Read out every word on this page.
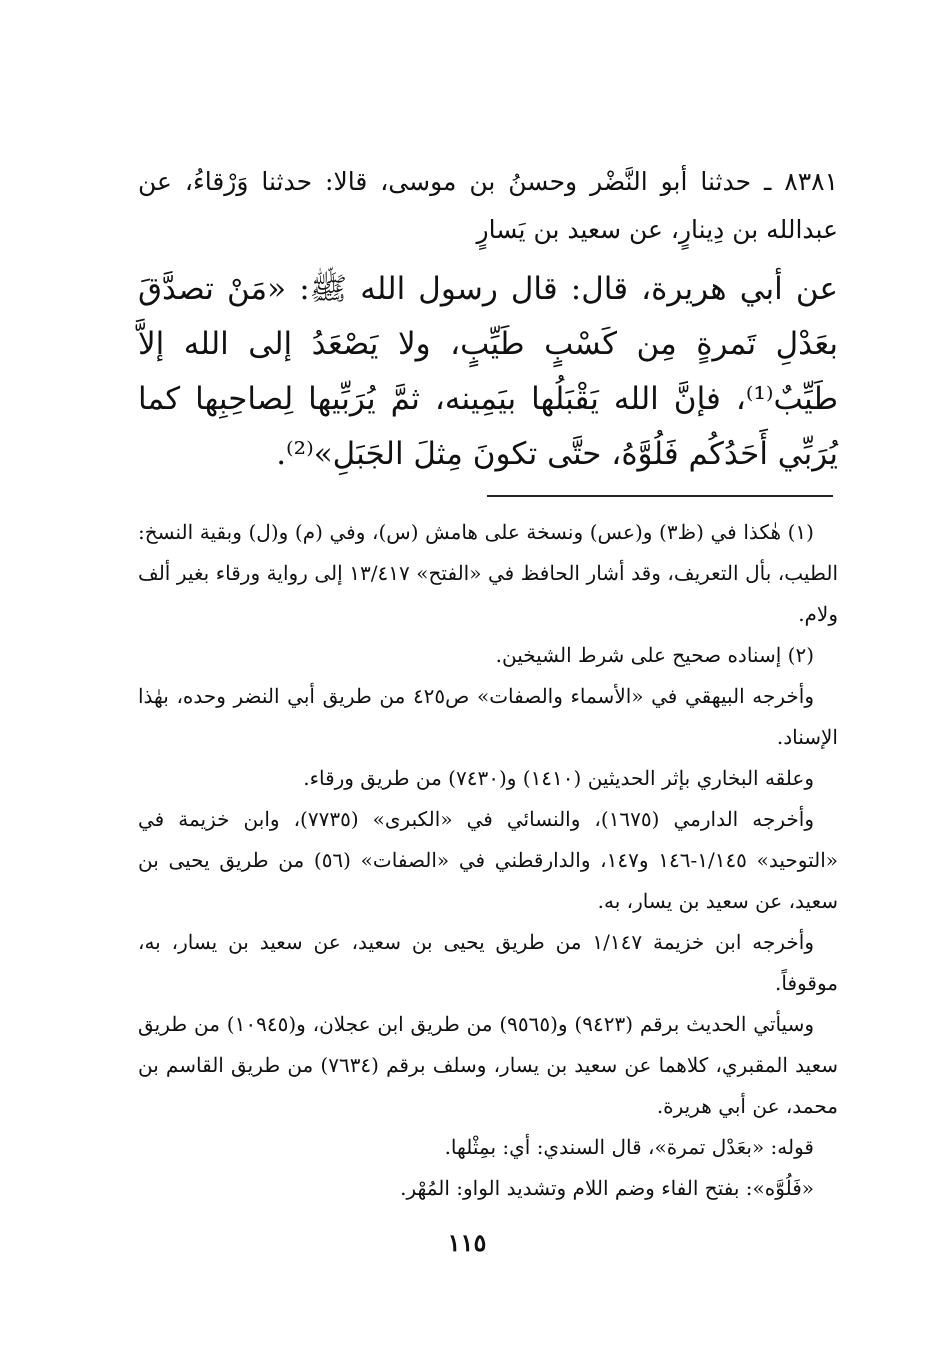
٨٣٨١ ـ حدثنا أبو النَّضْر وحسنُ بن موسى، قالا: حدثنا وَرْقاءُ، عن عبدالله بن دِينارٍ، عن سعيد بن يَسارٍ

عن أبي هريرة، قال: قال رسول الله ﷺ: «مَنْ تصدَّقَ بعَدْلِ تَمرةٍ مِن كَسْبٍ طَيِّبٍ، ولا يَصْعَدُ إلى الله إلاَّ طَيِّبٌ⁽¹⁾، فإنَّ الله يَقْبَلُها بيَمِينه، ثمَّ يُرَبِّيها لِصاحِبِها كما يُرَبِّي أَحَدُكُم فَلُوَّهُ، حتَّى تكونَ مِثلَ الجَبَلِ»⁽²⁾.

(١) هٰكذا في (ظ٣) و(عس) ونسخة على هامش (س)، وفي (م) و(ل) وبقية النسخ: الطيب، بأل التعريف، وقد أشار الحافظ في «الفتح» ١٣/٤١٧ إلى رواية ورقاء بغير ألف ولام.

(٢) إسناده صحيح على شرط الشيخين.

وأخرجه البيهقي في «الأسماء والصفات» ص٤٢٥ من طريق أبي النضر وحده، بهٰذا الإسناد.

وعلقه البخاري بإثر الحديثين (١٤١٠) و(٧٤٣٠) من طريق ورقاء.

وأخرجه الدارمي (١٦٧٥)، والنسائي في «الكبرى» (٧٧٣٥)، وابن خزيمة في «التوحيد» ١/١٤٥-١٤٦ و١٤٧، والدارقطني في «الصفات» (٥٦) من طريق يحيى بن سعيد، عن سعيد بن يسار، به.

وأخرجه ابن خزيمة ١/١٤٧ من طريق يحيى بن سعيد، عن سعيد بن يسار، به، موقوفاً.

وسيأتي الحديث برقم (٩٤٢٣) و(٩٥٦٥) من طريق ابن عجلان، و(١٠٩٤٥) من طريق سعيد المقبري، كلاهما عن سعيد بن يسار، وسلف برقم (٧٦٣٤) من طريق القاسم بن محمد، عن أبي هريرة.

قوله: «بعَدْل تمرة»، قال السندي: أي: بمِثْلها.

«فَلُوَّه»: بفتح الفاء وضم اللام وتشديد الواو: المُهْر.

١١٥
